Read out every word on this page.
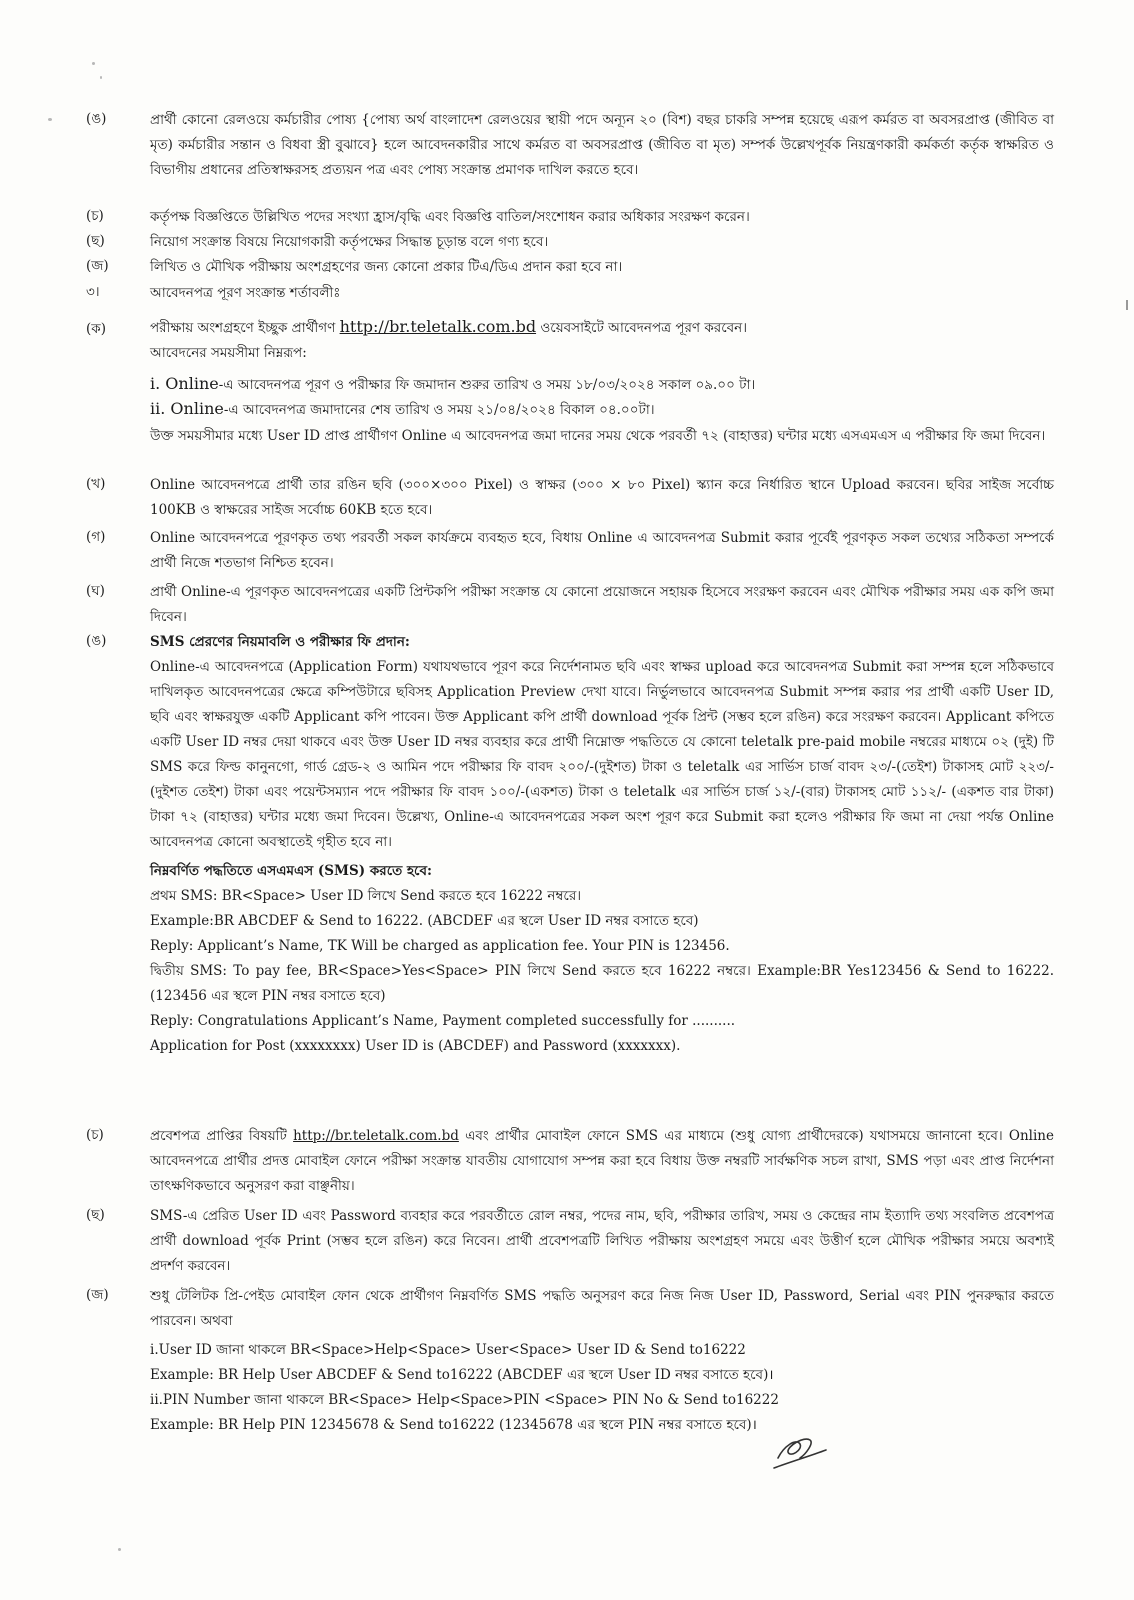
(ঙ)	প্রার্থী কোনো রেলওয়ে কর্মচারীর পোষ্য {পোষ্য অর্থ বাংলাদেশ রেলওয়ের স্থায়ী পদে অন্যূন ২০ (বিশ) বছর চাকরি সম্পন্ন হয়েছে এরূপ কর্মরত বা অবসরপ্রাপ্ত (জীবিত বা মৃত) কর্মচারীর সন্তান ও বিধবা স্ত্রী বুঝাবে} হলে আবেদনকারীর সাথে কর্মরত বা অবসরপ্রাপ্ত (জীবিত বা মৃত) সম্পর্ক উল্লেখপূর্বক নিয়ন্ত্রণকারী কর্মকর্তা কর্তৃক স্বাক্ষরিত ও বিভাগীয় প্রধানের প্রতিস্বাক্ষরসহ প্রত্যয়ন পত্র এবং পোষ্য সংক্রান্ত প্রমাণক দাখিল করতে হবে।

(চ)	কর্তৃপক্ষ বিজ্ঞপ্তিতে উল্লিখিত পদের সংখ্যা হ্রাস/বৃদ্ধি এবং বিজ্ঞপ্তি বাতিল/সংশোধন করার অধিকার সংরক্ষণ করেন।

(ছ)	নিয়োগ সংক্রান্ত বিষয়ে নিয়োগকারী কর্তৃপক্ষের সিদ্ধান্ত চূড়ান্ত বলে গণ্য হবে।

(জ)	লিখিত ও মৌখিক পরীক্ষায় অংশগ্রহণের জন্য কোনো প্রকার টিএ/ডিএ প্রদান করা হবে না।

৩।	আবেদনপত্র পূরণ সংক্রান্ত শর্তাবলীঃ

(ক)	পরীক্ষায় অংশগ্রহণে ইচ্ছুক প্রার্থীগণ http://br.teletalk.com.bd ওয়েবসাইটে আবেদনপত্র পূরণ করবেন।

আবেদনের সময়সীমা নিম্নরূপ:

i. Online-এ আবেদনপত্র পূরণ ও পরীক্ষার ফি জমাদান শুরুর তারিখ ও সময় ১৮/০৩/২০২৪ সকাল ০৯.০০ টা।

ii. Online-এ আবেদনপত্র জমাদানের শেষ তারিখ ও সময় ২১/০৪/২০২৪ বিকাল ০৪.০০টা।

উক্ত সময়সীমার মধ্যে User ID প্রাপ্ত প্রার্থীগণ Online এ আবেদনপত্র জমা দানের সময় থেকে পরবর্তী ৭২ (বাহাত্তর) ঘন্টার মধ্যে এসএমএস এ পরীক্ষার ফি জমা দিবেন।

(খ)	Online আবেদনপত্রে প্রার্থী তার রঙিন ছবি (৩০০×৩০০ Pixel) ও স্বাক্ষর (৩০০ × ৮০ Pixel) স্ক্যান করে নির্ধারিত স্থানে Upload করবেন। ছবির সাইজ সর্বোচ্চ 100KB ও স্বাক্ষরের সাইজ সর্বোচ্চ 60KB হতে হবে।

(গ)	Online আবেদনপত্রে পূরণকৃত তথ্য পরবর্তী সকল কার্যক্রমে ব্যবহৃত হবে, বিধায় Online এ আবেদনপত্র Submit করার পূর্বেই পূরণকৃত সকল তথ্যের সঠিকতা সম্পর্কে প্রার্থী নিজে শতভাগ নিশ্চিত হবেন।

(ঘ)	প্রার্থী Online-এ পূরণকৃত আবেদনপত্রের একটি প্রিন্টকপি পরীক্ষা সংক্রান্ত যে কোনো প্রয়োজনে সহায়ক হিসেবে সংরক্ষণ করবেন এবং মৌখিক পরীক্ষার সময় এক কপি জমা দিবেন।

(ঙ)	SMS প্রেরণের নিয়মাবলি ও পরীক্ষার ফি প্রদান:

Online-এ আবেদনপত্রে (Application Form) যথাযথভাবে পূরণ করে নির্দেশনামত ছবি এবং স্বাক্ষর upload করে আবেদনপত্র Submit করা সম্পন্ন হলে সঠিকভাবে দাখিলকৃত আবেদনপত্রের ক্ষেত্রে কম্পিউটারে ছবিসহ Application Preview দেখা যাবে। নির্ভুলভাবে আবেদনপত্র Submit সম্পন্ন করার পর প্রার্থী একটি User ID, ছবি এবং স্বাক্ষরযুক্ত একটি Applicant কপি পাবেন। উক্ত Applicant কপি প্রার্থী download পূর্বক প্রিন্ট (সম্ভব হলে রঙিন) করে সংরক্ষণ করবেন। Applicant কপিতে একটি User ID নম্বর দেয়া থাকবে এবং উক্ত User ID নম্বর ব্যবহার করে প্রার্থী নিম্নোক্ত পদ্ধতিতে যে কোনো teletalk pre-paid mobile নম্বরের মাধ্যমে ০২ (দুই) টি SMS করে ফিল্ড কানুনগো, গার্ড গ্রেড-২ ও আমিন পদে পরীক্ষার ফি বাবদ ২০০/-(দুইশত) টাকা ও teletalk এর সার্ভিস চার্জ বাবদ ২৩/-(তেইশ) টাকাসহ মোট ২২৩/- (দুইশত তেইশ) টাকা এবং পয়েন্টসম্যান পদে পরীক্ষার ফি বাবদ ১০০/-(একশত) টাকা ও teletalk এর সার্ভিস চার্জ ১২/-(বার) টাকাসহ মোট ১১২/- (একশত বার টাকা) টাকা ৭২ (বাহাত্তর) ঘন্টার মধ্যে জমা দিবেন। উল্লেখ্য, Online-এ আবেদনপত্রের সকল অংশ পূরণ করে Submit করা হলেও পরীক্ষার ফি জমা না দেয়া পর্যন্ত Online আবেদনপত্র কোনো অবস্থাতেই গৃহীত হবে না।

নিম্নবর্ণিত পদ্ধতিতে এসএমএস (SMS) করতে হবে:

প্রথম SMS: BR<Space> User ID লিখে Send করতে হবে 16222 নম্বরে।

Example:BR ABCDEF & Send to 16222. (ABCDEF এর স্থলে User ID নম্বর বসাতে হবে)

Reply: Applicant’s Name, TK Will be charged as application fee. Your PIN is 123456.

দ্বিতীয় SMS: To pay fee, BR<Space>Yes<Space> PIN লিখে Send করতে হবে 16222 নম্বরে। Example:BR Yes123456 & Send to 16222. (123456 এর স্থলে PIN নম্বর বসাতে হবে)

Reply: Congratulations Applicant’s Name, Payment completed successfully for ..........

Application for Post (xxxxxxxx) User ID is (ABCDEF) and Password (xxxxxxx).

(চ)	প্রবেশপত্র প্রাপ্তির বিষয়টি http://br.teletalk.com.bd এবং প্রার্থীর মোবাইল ফোনে SMS এর মাধ্যমে (শুধু যোগ্য প্রার্থীদেরকে) যথাসময়ে জানানো হবে। Online আবেদনপত্রে প্রার্থীর প্রদত্ত মোবাইল ফোনে পরীক্ষা সংক্রান্ত যাবতীয় যোগাযোগ সম্পন্ন করা হবে বিধায় উক্ত নম্বরটি সার্বক্ষণিক সচল রাখা, SMS পড়া এবং প্রাপ্ত নির্দেশনা তাৎক্ষণিকভাবে অনুসরণ করা বাঞ্ছনীয়।

(ছ)	SMS-এ প্রেরিত User ID এবং Password ব্যবহার করে পরবর্তীতে রোল নম্বর, পদের নাম, ছবি, পরীক্ষার তারিখ, সময় ও কেন্দ্রের নাম ইত্যাদি তথ্য সংবলিত প্রবেশপত্র প্রার্থী download পূর্বক Print (সম্ভব হলে রঙিন) করে নিবেন। প্রার্থী প্রবেশপত্রটি লিখিত পরীক্ষায় অংশগ্রহণ সময়ে এবং উত্তীর্ণ হলে মৌখিক পরীক্ষার সময়ে অবশ্যই প্রদর্শণ করবেন।

(জ)	শুধু টেলিটক প্রি-পেইড মোবাইল ফোন থেকে প্রার্থীগণ নিম্নবর্ণিত SMS পদ্ধতি অনুসরণ করে নিজ নিজ User ID, Password, Serial এবং PIN পুনরুদ্ধার করতে পারবেন। অথবা

i.User ID জানা থাকলে BR<Space>Help<Space> User<Space> User ID & Send to16222

Example: BR Help User ABCDEF & Send to16222 (ABCDEF এর স্থলে User ID নম্বর বসাতে হবে)।

ii.PIN Number জানা থাকলে BR<Space> Help<Space>PIN <Space> PIN No & Send to16222

Example: BR Help PIN 12345678 & Send to16222 (12345678 এর স্থলে PIN নম্বর বসাতে হবে)।
